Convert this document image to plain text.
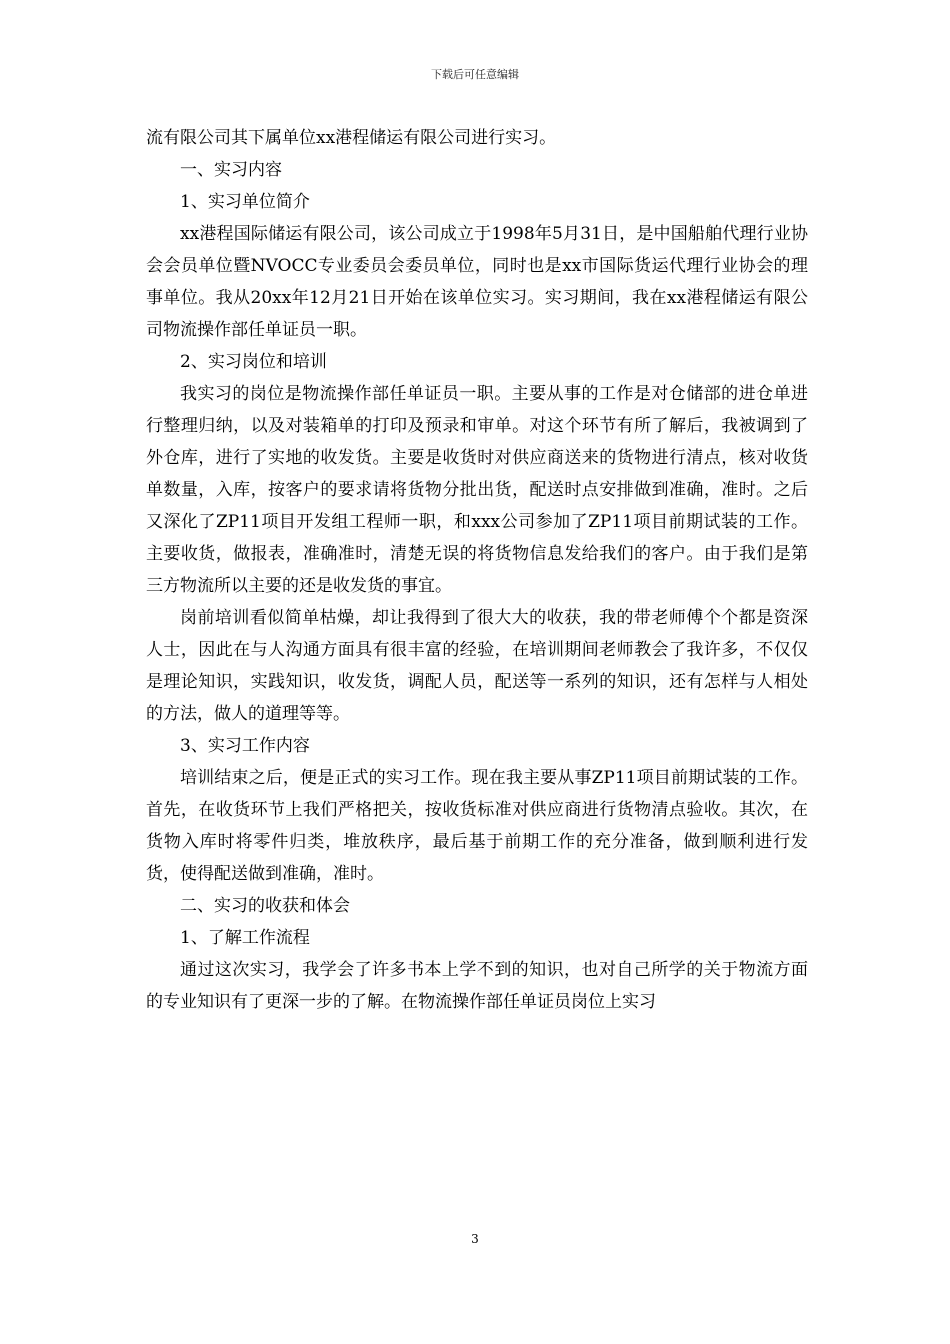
下载后可任意编辑

流有限公司其下属单位xx港程储运有限公司进行实习。

一、实习内容

1、实习单位简介

xx港程国际储运有限公司，该公司成立于1998年5月31日，是中国船舶代理行业协会会员单位暨NVOCC专业委员会委员单位，同时也是xx市国际货运代理行业协会的理事单位。我从20xx年12月21日开始在该单位实习。实习期间，我在xx港程储运有限公司物流操作部任单证员一职。

2、实习岗位和培训

我实习的岗位是物流操作部任单证员一职。主要从事的工作是对仓储部的进仓单进行整理归纳，以及对装箱单的打印及预录和审单。对这个环节有所了解后，我被调到了外仓库，进行了实地的收发货。主要是收货时对供应商送来的货物进行清点，核对收货单数量，入库，按客户的要求请将货物分批出货，配送时点安排做到准确，准时。之后又深化了ZP11项目开发组工程师一职，和xxx公司参加了ZP11项目前期试装的工作。主要收货，做报表，准确准时，清楚无误的将货物信息发给我们的客户。由于我们是第三方物流所以主要的还是收发货的事宜。

岗前培训看似简单枯燥，却让我得到了很大大的收获，我的带老师傅个个都是资深人士，因此在与人沟通方面具有很丰富的经验，在培训期间老师教会了我许多，不仅仅是理论知识，实践知识，收发货，调配人员，配送等一系列的知识，还有怎样与人相处的方法，做人的道理等等。

3、实习工作内容

培训结束之后，便是正式的实习工作。现在我主要从事ZP11项目前期试装的工作。首先，在收货环节上我们严格把关，按收货标准对供应商进行货物清点验收。其次，在货物入库时将零件归类，堆放秩序，最后基于前期工作的充分准备，做到顺利进行发货，使得配送做到准确，准时。

二、实习的收获和体会

1、了解工作流程

通过这次实习，我学会了许多书本上学不到的知识，也对自己所学的关于物流方面的专业知识有了更深一步的了解。在物流操作部任单证员岗位上实习

3
